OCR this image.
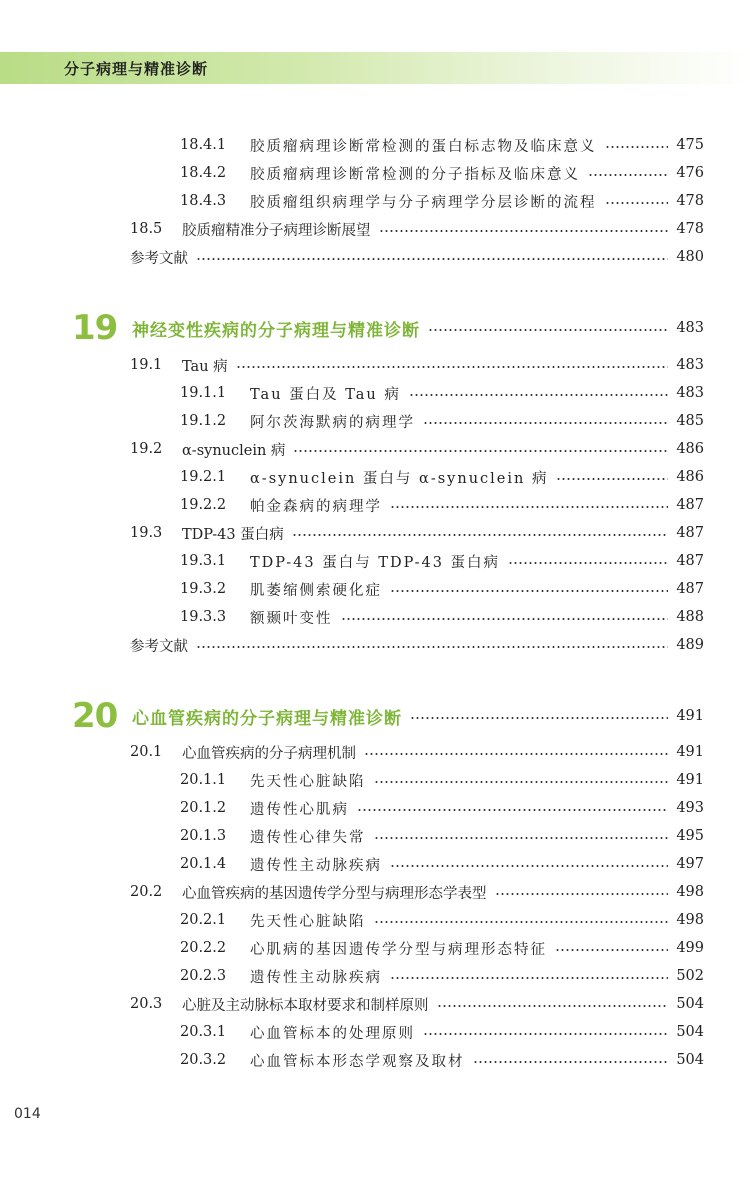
分子病理与精准诊断
18.4.1	胶质瘤病理诊断常检测的蛋白标志物及临床意义	475
18.4.2	胶质瘤病理诊断常检测的分子指标及临床意义	476
18.4.3	胶质瘤组织病理学与分子病理学分层诊断的流程	478
18.5	胶质瘤精准分子病理诊断展望	478
参考文献	480
19 神经变性疾病的分子病理与精准诊断	483
19.1	Tau 病	483
19.1.1	Tau 蛋白及 Tau 病	483
19.1.2	阿尔茨海默病的病理学	485
19.2	α-synuclein 病	486
19.2.1	α-synuclein 蛋白与 α-synuclein 病	486
19.2.2	帕金森病的病理学	487
19.3	TDP-43 蛋白病	487
19.3.1	TDP-43 蛋白与 TDP-43 蛋白病	487
19.3.2	肌萎缩侧索硬化症	487
19.3.3	额颞叶变性	488
参考文献	489
20 心血管疾病的分子病理与精准诊断	491
20.1	心血管疾病的分子病理机制	491
20.1.1	先天性心脏缺陷	491
20.1.2	遗传性心肌病	493
20.1.3	遗传性心律失常	495
20.1.4	遗传性主动脉疾病	497
20.2	心血管疾病的基因遗传学分型与病理形态学表型	498
20.2.1	先天性心脏缺陷	498
20.2.2	心肌病的基因遗传学分型与病理形态特征	499
20.2.3	遗传性主动脉疾病	502
20.3	心脏及主动脉标本取材要求和制样原则	504
20.3.1	心血管标本的处理原则	504
20.3.2	心血管标本形态学观察及取材	504
014
